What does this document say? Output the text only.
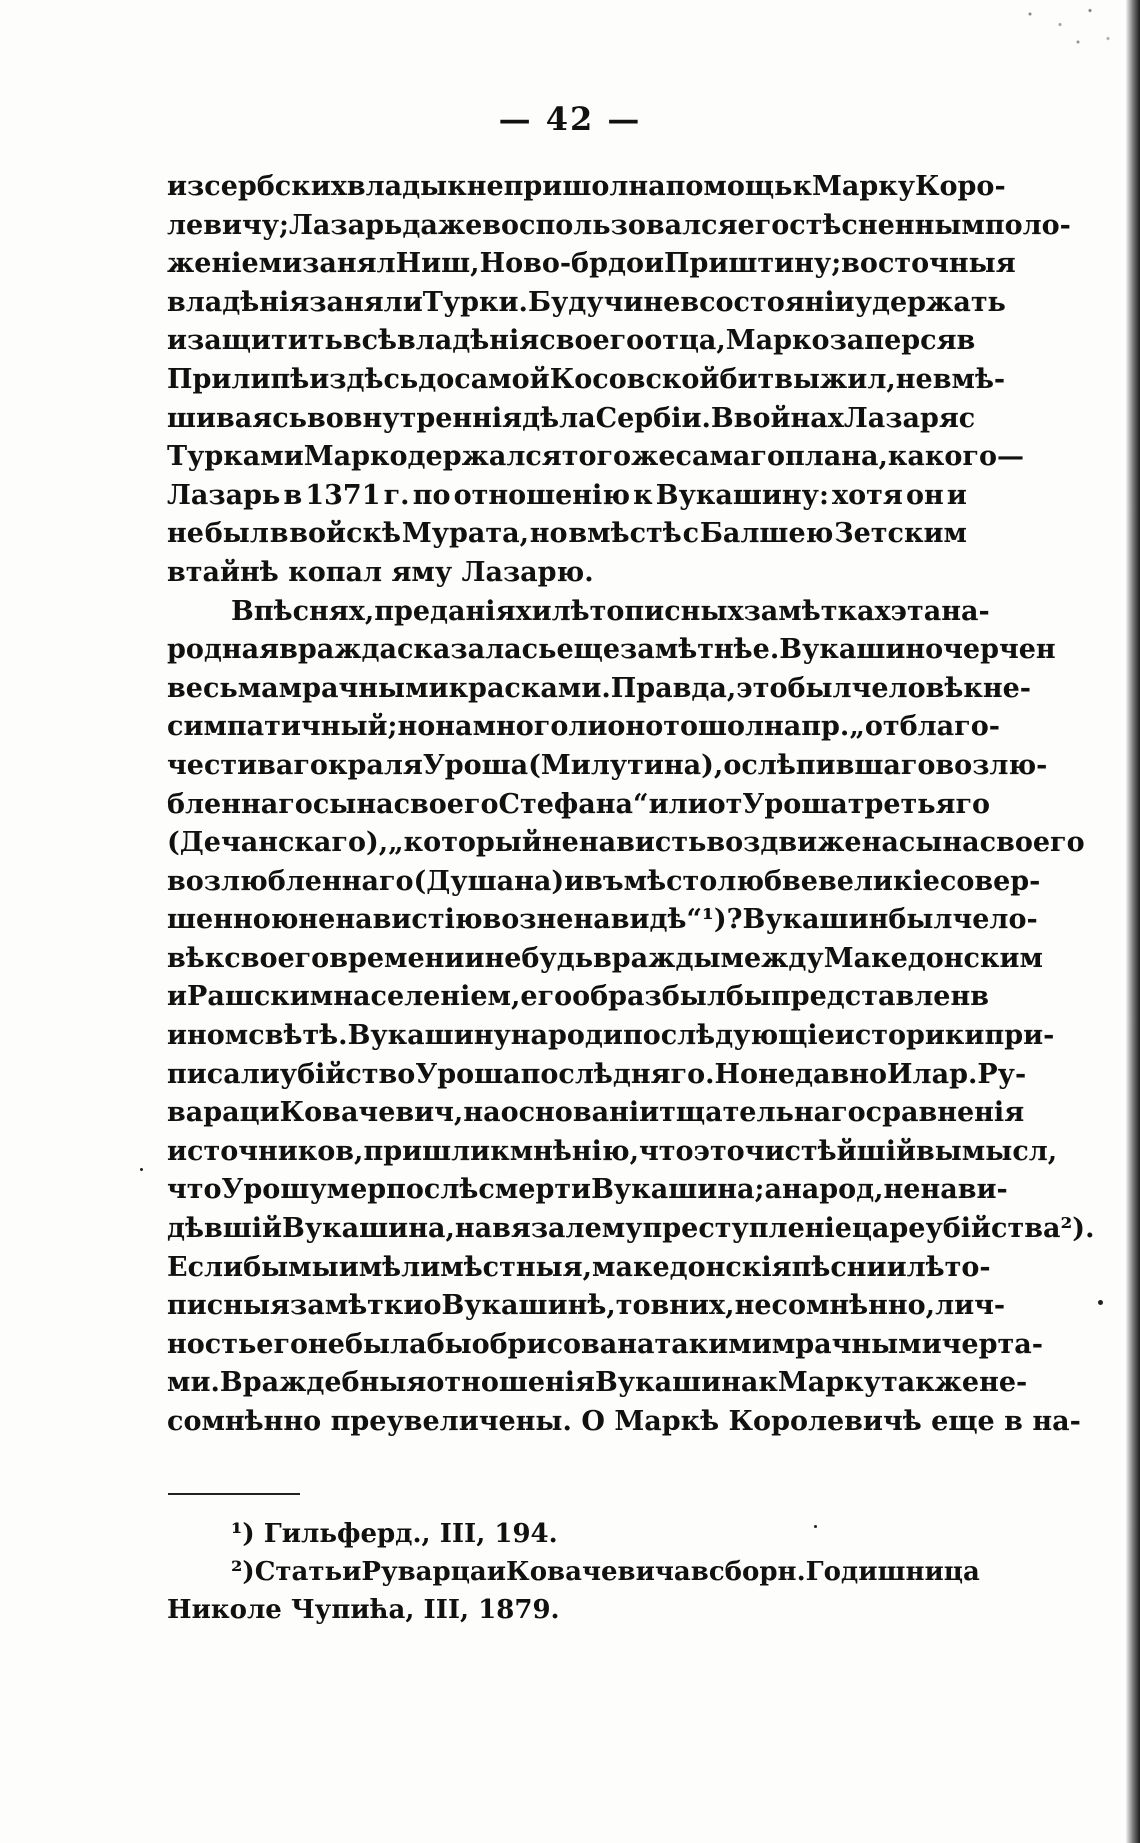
— 42 —
из сербских владык не пришол на помощь к Марку Коро-
левичу; Лазарь даже воспользовался его стѣсненным поло-
женіем и занял Ниш, Ново-брдо и Приштину; восточныя
владѣнія заняли Турки. Будучи не в состояніи удержать
и защитить всѣ владѣнія своего отца, Марко заперся в
Прилипѣ и здѣсь до самой Косовской битвы жил, не вмѣ-
шиваясь во внутреннія дѣла Сербіи. В войнах Лазаря с
Турками Марко держался того же самаго плана, какого—
Лазарь в 1371 г. по отношенію к Вукашину: хотя он и
не был в войскѣ Мурата, но вмѣстѣ с Балшею Зетским
втайнѣ копал яму Лазарю.
В пѣснях, преданіях и лѣтописных замѣтках эта на-
родная вражда сказалась еще замѣтнѣе. Вукашин очерчен
весьма мрачными красками. Правда, это был человѣк не-
симпатичный; но на много ли он отошол напр. „от благо-
честиваго краля Уроша (Милутина), ослѣпившаго возлю-
бленнаго сына своего Стефана“ или от Уроша третьяго
(Дечанскаго), „который ненависть воздвиже на сына своего
возлюбленнаго (Душана) и въ мѣсто любве великіе совер-
шенною ненавистію возненавидѣ“ ¹)? Вукашин был чело-
вѣк своего времени и небудь вражды между Македонским
и Рашским населеніем, его образ был бы представлен в
ином свѣтѣ. Вукашину народ и послѣдующіе историки при-
писали убійство Уроша послѣдняго. Но недавно Илар. Ру-
варац и Ковачевич, на основаніи тщательнаго сравненія
источников, пришли к мнѣнію, что это чистѣйшій вымысл,
что Урош умер послѣ смерти Вукашина; а народ, ненави-
дѣвшій Вукашина, навязал ему преступленіе цареубійства ²).
Если бы мы имѣли мѣстныя, македонскія пѣсни и лѣто-
писныя замѣтки о Вукашинѣ, то в них, несомнѣнно, лич-
ность его небыла бы обрисована такими мрачными черта-
ми. Враждебныя отношенія Вукашина к Марку также не-
сомнѣнно преувеличены. О Маркѣ Королевичѣ еще в на-
¹) Гильферд., III, 194.
²) Статьи Руварца и Ковачевича в сборн. Годишница
Николе Чупића, III, 1879.
